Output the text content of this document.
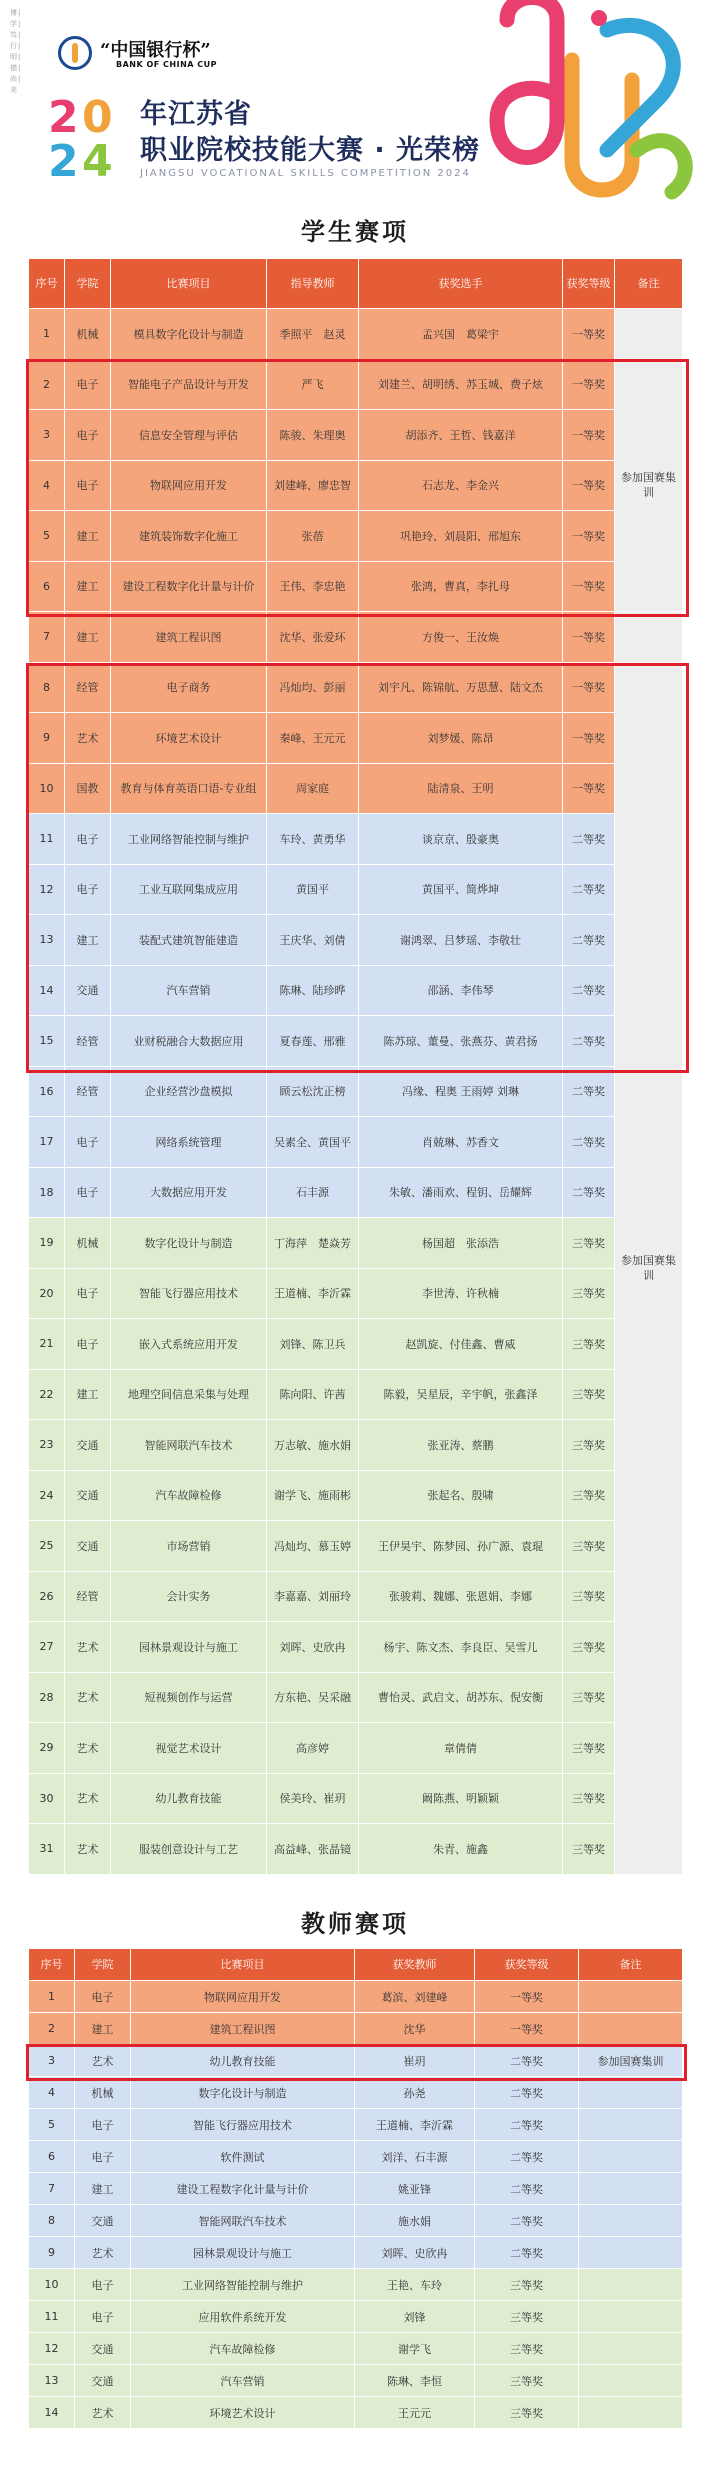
博|学|笃|行|明|德|尚|美
“中国银行杯”
BANK OF CHINA CUP
2 0
2 4
年江苏省
职业院校技能大赛 · 光荣榜
JIANGSU VOCATIONAL SKILLS COMPETITION 2024
学生赛项
序号	学院	比赛项目	指导教师	获奖选手	获奖等级	备注
1	机械	模具数字化设计与制造	季照平　赵灵	孟兴国　葛梁宇	一等奖	
2	电子	智能电子产品设计与开发	严飞	刘建兰、胡明绣、苏玉城、费子炫	一等奖	参加国赛集训
3	电子	信息安全管理与评估	陈骏、朱理奥	胡添齐、王哲、钱嘉洋	一等奖	
4	电子	物联网应用开发	刘建峰、廖忠智	石志龙、李金兴	一等奖	
5	建工	建筑装饰数字化施工	张蓓	巩艳玲、刘晨阳、邢旭东	一等奖	
6	建工	建设工程数字化计量与计价	王伟、李忠艳	张鸿，曹真，李扎母	一等奖	
7	建工	建筑工程识图	沈华、张爱环	方俊一、王汝焕	一等奖	
8	经管	电子商务	冯灿均、彭丽	刘宇凡、陈锦航、万思慧、陆文杰	一等奖	参加国赛集训
9	艺术	环境艺术设计	秦峰、王元元	刘梦媛、陈昂	一等奖	
10	国教	教育与体育英语口语-专业组	周家庭	陆清泉、王明	一等奖	
11	电子	工业网络智能控制与维护	车玲、黄勇华	谈京京、殷豪奥	二等奖	
12	电子	工业互联网集成应用	黄国平	黄国平、简烨坤	二等奖	
13	建工	装配式建筑智能建造	王庆华、刘倩	谢鸿翠、吕梦瑶、李敬壮	二等奖	
14	交通	汽车营销	陈琳、陆珍晔	邵涵、李伟琴	二等奖	
15	经管	业财税融合大数据应用	夏春莲、邢雅	陈苏琼、董曼、张燕芬、黄君扬	二等奖	
16	经管	企业经营沙盘模拟	顾云松沈正榜	冯缘、程奥 王雨婷 刘琳	二等奖	
17	电子	网络系统管理	吴素全、黄国平	肖兢琳、苏香文	二等奖	
18	电子	大数据应用开发	石丰源	朱敏、潘雨欢、程钥、岳耀辉	二等奖	
19	机械	数字化设计与制造	丁海萍　楚焱芳	杨国超　张添浩	三等奖	
20	电子	智能飞行器应用技术	王道楠、李沂霖	李世涛、许秋楠	三等奖	
21	电子	嵌入式系统应用开发	刘锋、陈卫兵	赵凯旋、付佳鑫、曹威	三等奖	
22	建工	地理空间信息采集与处理	陈向阳、许茜	陈毅，吴星辰，辛宇帆，张鑫泽	三等奖	
23	交通	智能网联汽车技术	万志敏、施水娟	张亚涛、蔡鹏	三等奖	
24	交通	汽车故障检修	谢学飞、施雨彬	张起名、殷啸	三等奖	
25	交通	市场营销	冯灿均、慕玉婷	王伊昊宇、陈梦园、孙广源、袁琨	三等奖	
26	经管	会计实务	李嘉嘉、刘丽玲	张骏莉、魏娜、张恩娟、李娜	三等奖	
27	艺术	园林景观设计与施工	刘晖、史欣冉	杨宇、陈文杰、李良臣、吴雪儿	三等奖	
28	艺术	短视频创作与运营	方东艳、吴采融	曹怡灵、武启文、胡苏东、倪安衡	三等奖	
29	艺术	视觉艺术设计	高彦婷	章倩倩	三等奖	
30	艺术	幼儿教育技能	侯美玲、崔玥	阚陈燕、明颖颖	三等奖	
31	艺术	服装创意设计与工艺	高益峰、张晶镜	朱青、施鑫	三等奖	
教师赛项
序号	学院	比赛项目	获奖教师	获奖等级	备注
1	电子	物联网应用开发	葛滨、刘建峰	一等奖	
2	建工	建筑工程识图	沈华	一等奖	
3	艺术	幼儿教育技能	崔玥	二等奖	参加国赛集训
4	机械	数字化设计与制造	孙尧	二等奖	
5	电子	智能飞行器应用技术	王道楠、李沂霖	二等奖	
6	电子	软件测试	刘洋、石丰源	二等奖	
7	建工	建设工程数字化计量与计价	姚亚锋	二等奖	
8	交通	智能网联汽车技术	施水娟	二等奖	
9	艺术	园林景观设计与施工	刘晖、史欣冉	二等奖	
10	电子	工业网络智能控制与维护	王艳、车玲	三等奖	
11	电子	应用软件系统开发	刘锋	三等奖	
12	交通	汽车故障检修	谢学飞	三等奖	
13	交通	汽车营销	陈琳、李恒	三等奖	
14	艺术	环境艺术设计	王元元	三等奖	
